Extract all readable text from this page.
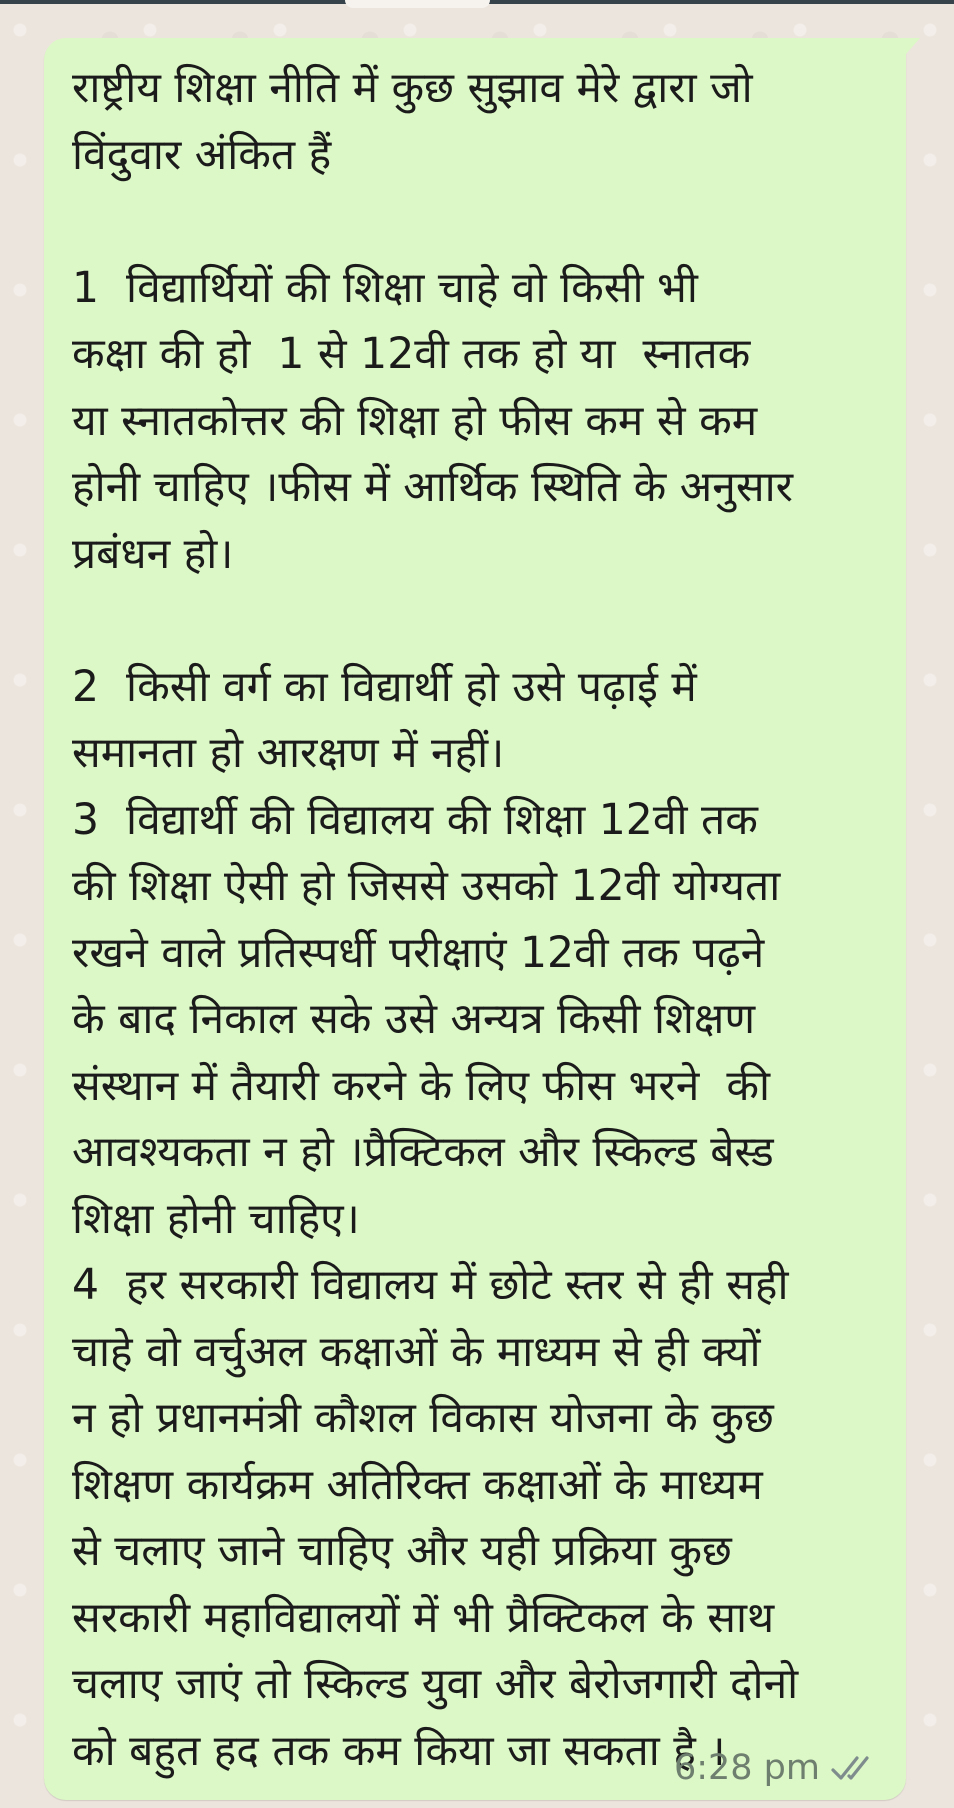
राष्ट्रीय शिक्षा नीति में कुछ सुझाव मेरे द्वारा जो
विंदुवार अंकित हैं

1  विद्यार्थियों की शिक्षा चाहे वो किसी भी
कक्षा की हो  1 से 12वी तक हो या  स्नातक
या स्नातकोत्तर की शिक्षा हो फीस कम से कम
होनी चाहिए ।फीस में आर्थिक स्थिति के अनुसार
प्रबंधन हो।

2  किसी वर्ग का विद्यार्थी हो उसे पढ़ाई में
समानता हो आरक्षण में नहीं।
3  विद्यार्थी की विद्यालय की शिक्षा 12वी तक
की शिक्षा ऐसी हो जिससे उसको 12वी योग्यता
रखने वाले प्रतिस्पर्धी परीक्षाएं 12वी तक पढ़ने
के बाद निकाल सके उसे अन्यत्र किसी शिक्षण
संस्थान में तैयारी करने के लिए फीस भरने  की
आवश्यकता न हो ।प्रैक्टिकल और स्किल्ड बेस्ड
शिक्षा होनी चाहिए।
4  हर सरकारी विद्यालय में छोटे स्तर से ही सही
चाहे वो वर्चुअल कक्षाओं के माध्यम से ही क्यों
न हो प्रधानमंत्री कौशल विकास योजना के कुछ
शिक्षण कार्यक्रम अतिरिक्त कक्षाओं के माध्यम
से चलाए जाने चाहिए और यही प्रक्रिया कुछ
सरकारी महाविद्यालयों में भी प्रैक्टिकल के साथ
चलाए जाएं तो स्किल्ड युवा और बेरोजगारी दोनो
को बहुत हद तक कम किया जा सकता है ।

6:28 pm
